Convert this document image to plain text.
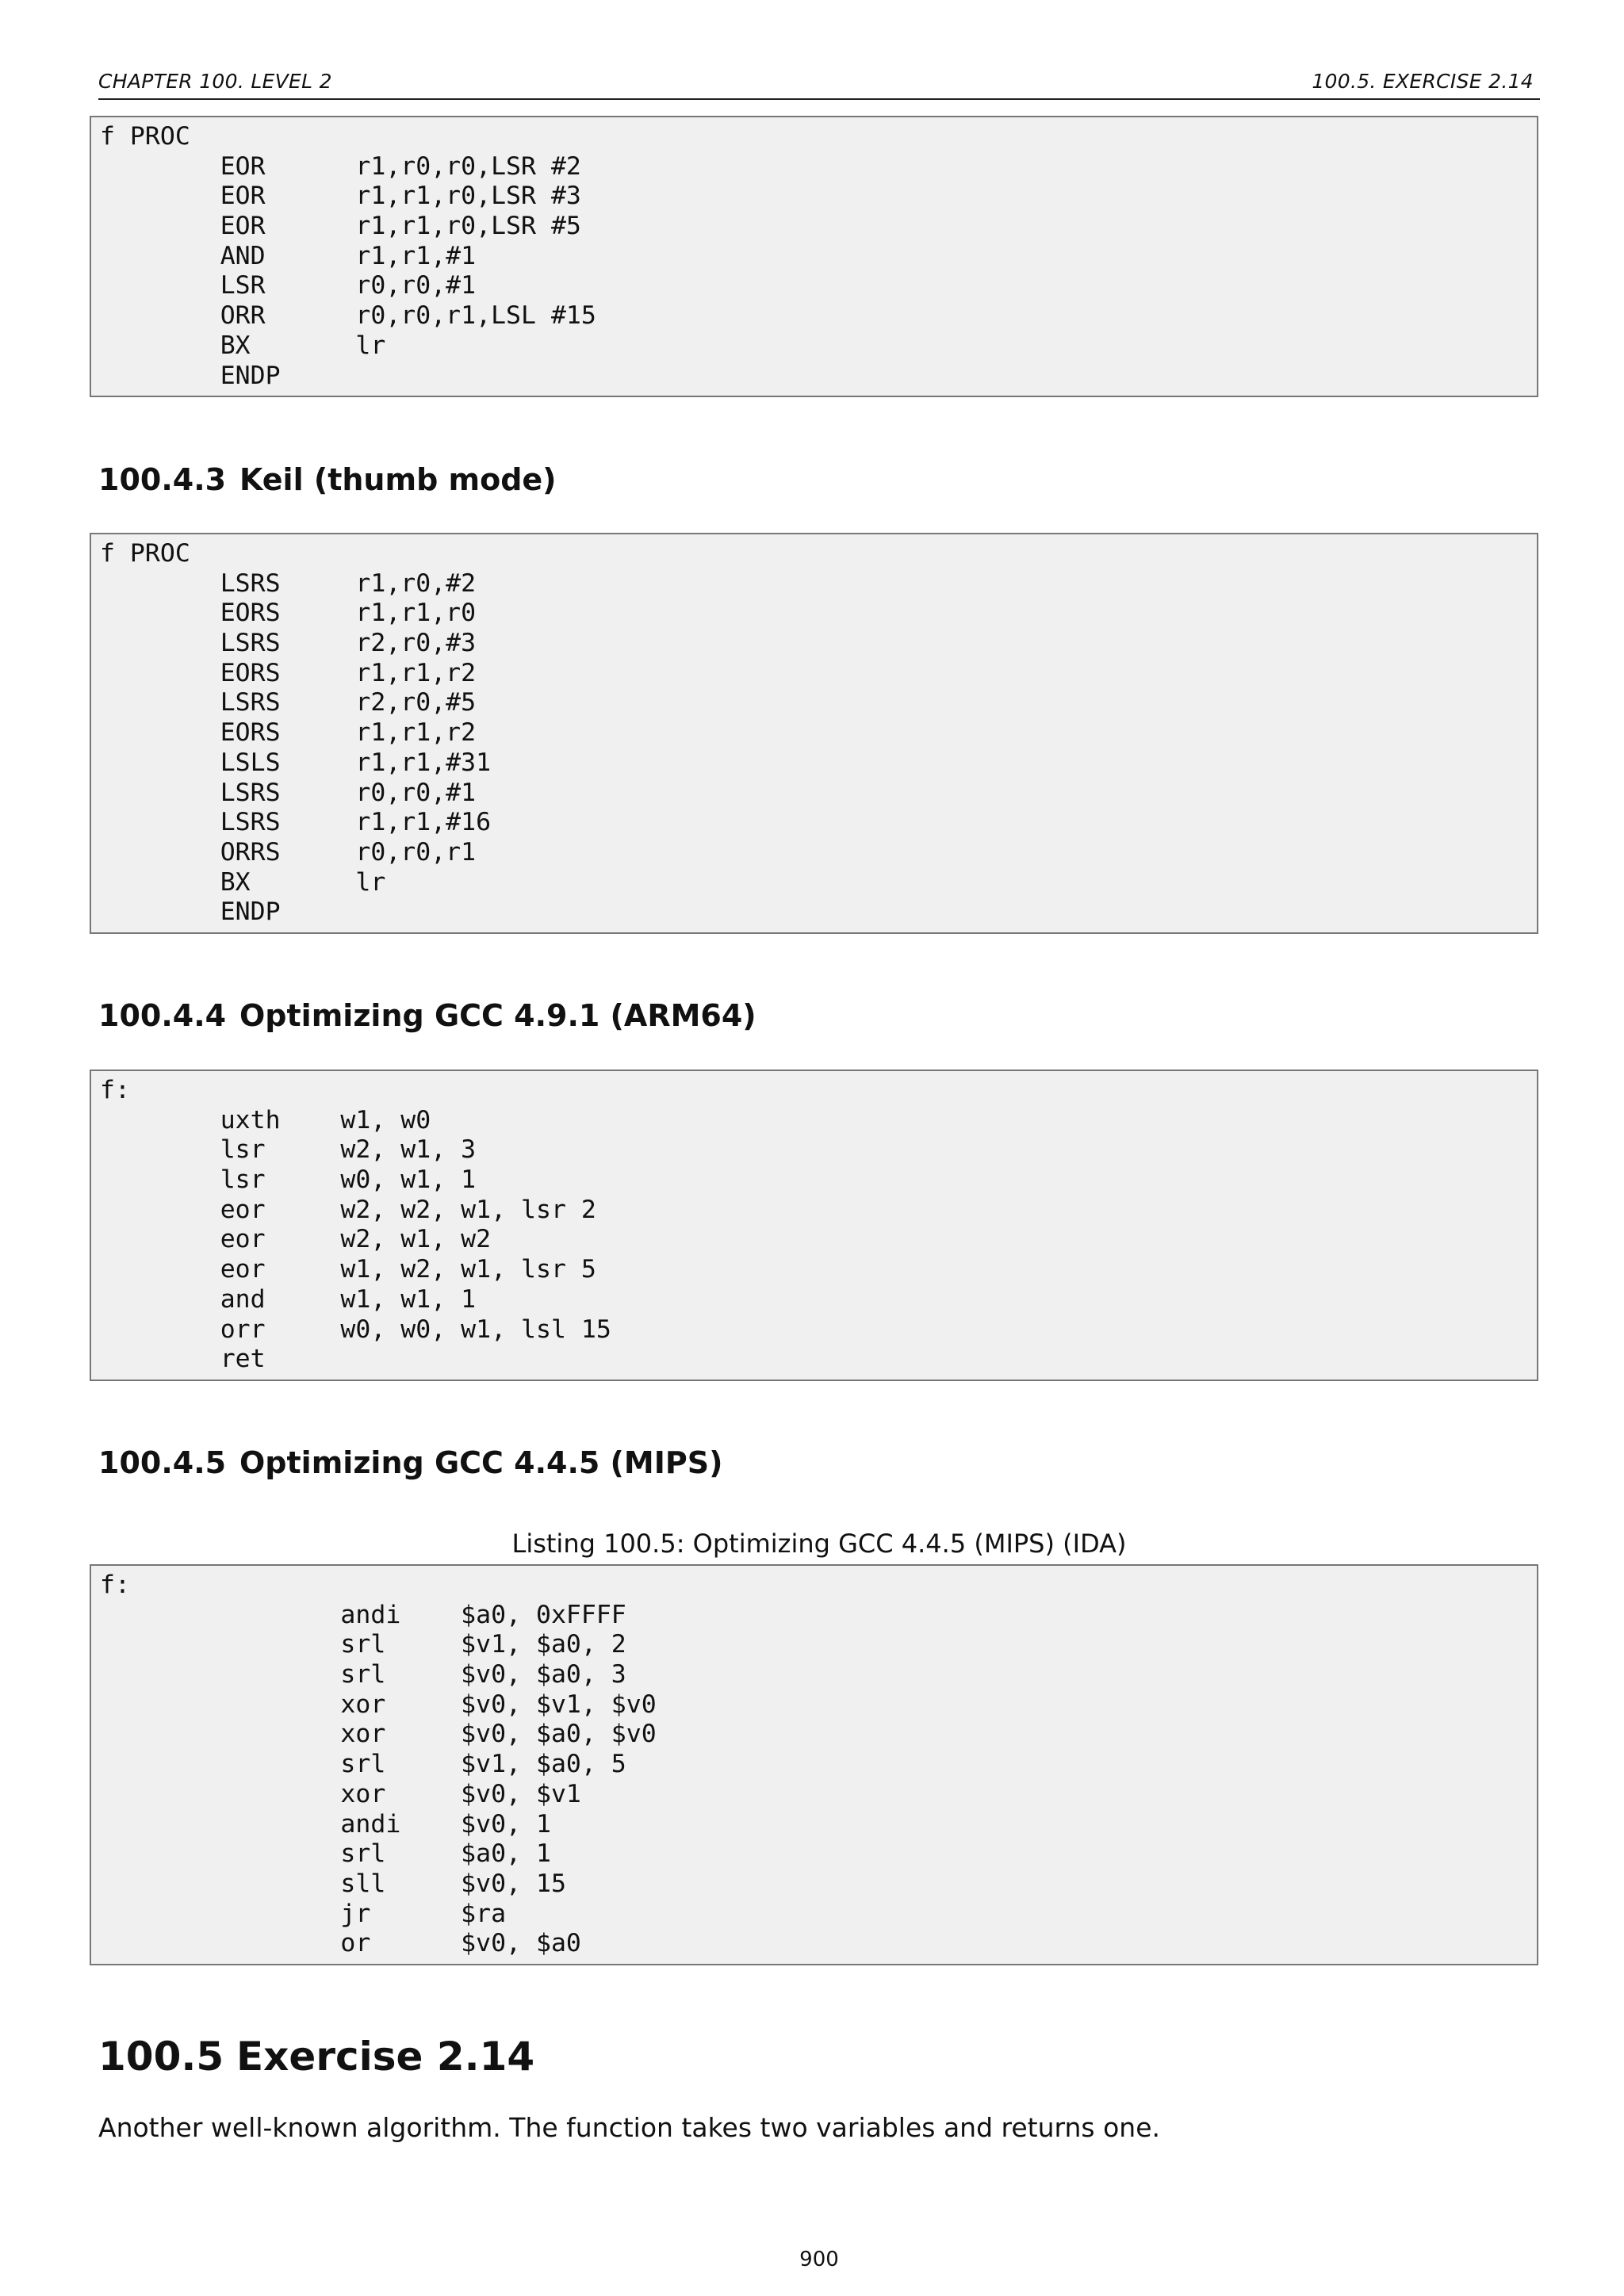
CHAPTER 100. LEVEL 2	100.5. EXERCISE 2.14
f PROC
EOR      r1,r0,r0,LSR #2
EOR      r1,r1,r0,LSR #3
EOR      r1,r1,r0,LSR #5
AND      r1,r1,#1
LSR      r0,r0,#1
ORR      r0,r0,r1,LSL #15
BX       lr
ENDP
100.4.3 Keil (thumb mode)
f PROC
LSRS     r1,r0,#2
EORS     r1,r1,r0
LSRS     r2,r0,#3
EORS     r1,r1,r2
LSRS     r2,r0,#5
EORS     r1,r1,r2
LSLS     r1,r1,#31
LSRS     r0,r0,#1
LSRS     r1,r1,#16
ORRS     r0,r0,r1
BX       lr
ENDP
100.4.4 Optimizing GCC 4.9.1 (ARM64)
f:
uxth    w1, w0
lsr     w2, w1, 3
lsr     w0, w1, 1
eor     w2, w2, w1, lsr 2
eor     w2, w1, w2
eor     w1, w2, w1, lsr 5
and     w1, w1, 1
orr     w0, w0, w1, lsl 15
ret
100.4.5 Optimizing GCC 4.4.5 (MIPS)
Listing 100.5: Optimizing GCC 4.4.5 (MIPS) (IDA)
f:
andi    $a0, 0xFFFF
srl     $v1, $a0, 2
srl     $v0, $a0, 3
xor     $v0, $v1, $v0
xor     $v0, $a0, $v0
srl     $v1, $a0, 5
xor     $v0, $v1
andi    $v0, 1
srl     $a0, 1
sll     $v0, 15
jr      $ra
or      $v0, $a0
100.5 Exercise 2.14
Another well-known algorithm. The function takes two variables and returns one.
900
